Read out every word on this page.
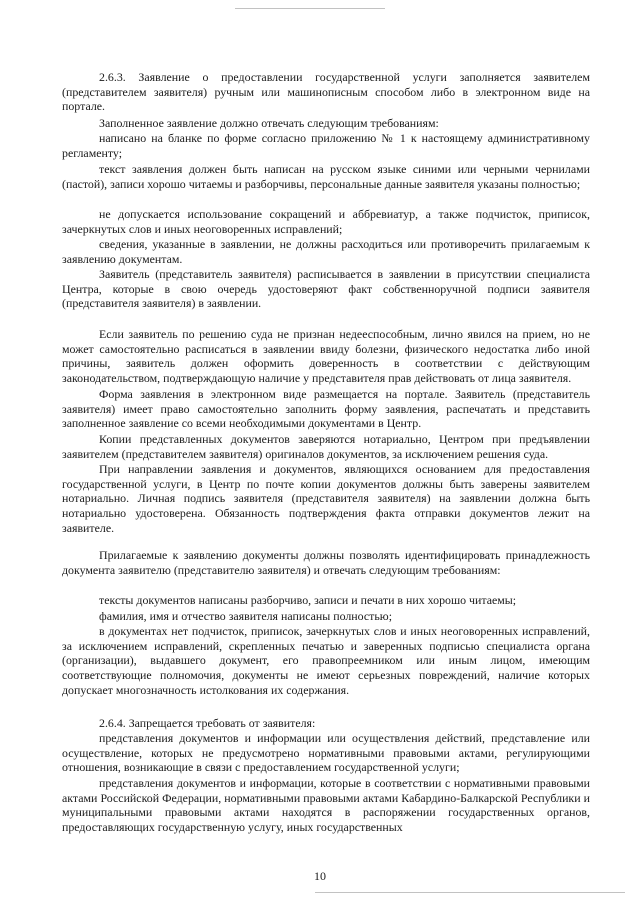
2.6.3. Заявление о предоставлении государственной услуги заполняется заявителем (представителем заявителя) ручным или машинописным способом либо в электронном виде на портале.

Заполненное заявление должно отвечать следующим требованиям:

написано на бланке по форме согласно приложению № 1 к настоящему административному регламенту;

текст заявления должен быть написан на русском языке синими или черными чернилами (пастой), записи хорошо читаемы и разборчивы, персональные данные заявителя указаны полностью;

не допускается использование сокращений и аббревиатур, а также подчисток, приписок, зачеркнутых слов и иных неоговоренных исправлений;

сведения, указанные в заявлении, не должны расходиться или противоречить прилагаемым к заявлению документам.

Заявитель (представитель заявителя) расписывается в заявлении в присутствии специалиста Центра, которые в свою очередь удостоверяют факт собственноручной подписи заявителя (представителя заявителя) в заявлении.

Если заявитель по решению суда не признан недееспособным, лично явился на прием, но не может самостоятельно расписаться в заявлении ввиду болезни, физического недостатка либо иной причины, заявитель должен оформить доверенность в соответствии с действующим законодательством, подтверждающую наличие у представителя прав действовать от лица заявителя.

Форма заявления в электронном виде размещается на портале. Заявитель (представитель заявителя) имеет право самостоятельно заполнить форму заявления, распечатать и представить заполненное заявление со всеми необходимыми документами в Центр.

Копии представленных документов заверяются нотариально, Центром при предъявлении заявителем (представителем заявителя) оригиналов документов, за исключением решения суда.

При направлении заявления и документов, являющихся основанием для предоставления государственной услуги, в Центр по почте копии документов должны быть заверены заявителем нотариально. Личная подпись заявителя (представителя заявителя) на заявлении должна быть нотариально удостоверена. Обязанность подтверждения факта отправки документов лежит на заявителе.

Прилагаемые к заявлению документы должны позволять идентифицировать принадлежность документа заявителю (представителю заявителя) и отвечать следующим требованиям:

тексты документов написаны разборчиво, записи и печати в них хорошо читаемы;

фамилия, имя и отчество заявителя написаны полностью;

в документах нет подчисток, приписок, зачеркнутых слов и иных неоговоренных исправлений, за исключением исправлений, скрепленных печатью и заверенных подписью специалиста органа (организации), выдавшего документ, его правопреемником или иным лицом, имеющим соответствующие полномочия, документы не имеют серьезных повреждений, наличие которых допускает многозначность истолкования их содержания.

2.6.4. Запрещается требовать от заявителя:

представления документов и информации или осуществления действий, представление или осуществление, которых не предусмотрено нормативными правовыми актами, регулирующими отношения, возникающие в связи с предоставлением государственной услуги;

представления документов и информации, которые в соответствии с нормативными правовыми актами Российской Федерации, нормативными правовыми актами Кабардино-Балкарской Республики и муниципальными правовыми актами находятся в распоряжении государственных органов, предоставляющих государственную услугу, иных государственных

10
